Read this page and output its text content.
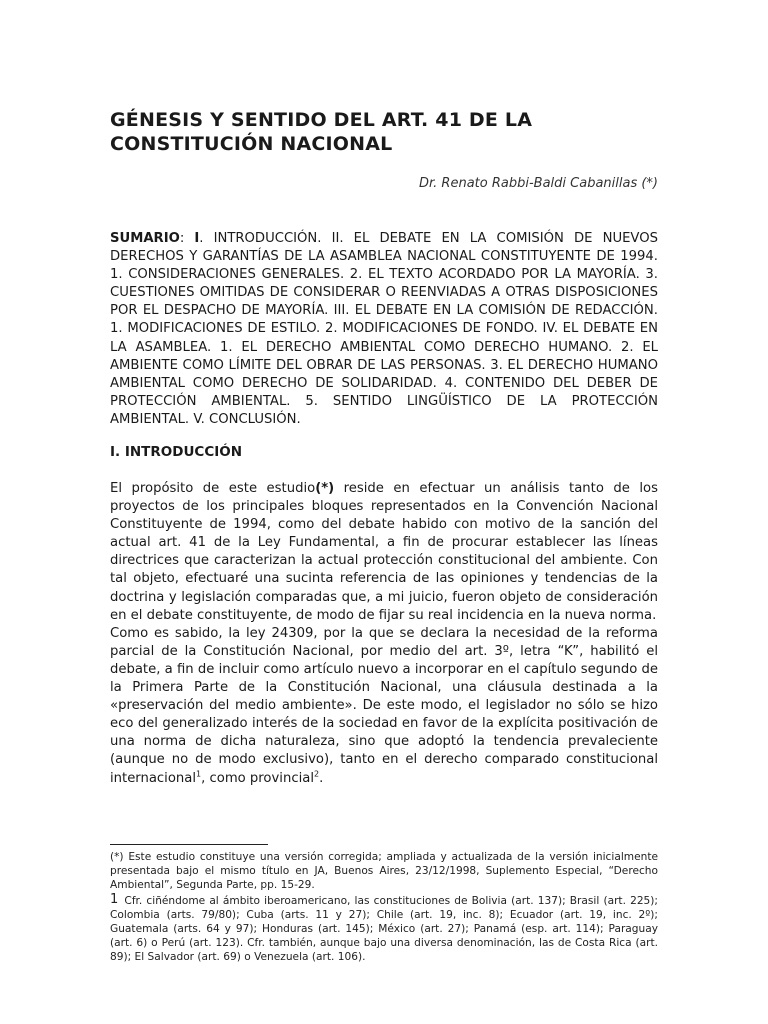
GÉNESIS Y SENTIDO DEL ART. 41 DE LA
CONSTITUCIÓN NACIONAL
Dr. Renato Rabbi-Baldi Cabanillas (*)
SUMARIO: I. INTRODUCCIÓN. II. EL DEBATE EN LA COMISIÓN DE NUEVOS DERECHOS Y GARANTÍAS DE LA ASAMBLEA NACIONAL CONSTITUYENTE DE 1994. 1. CONSIDERACIONES GENERALES. 2. EL TEXTO ACORDADO POR LA MAYORÍA. 3. CUESTIONES OMITIDAS DE CONSIDERAR O REENVIADAS A OTRAS DISPOSICIONES POR EL DESPACHO DE MAYORÍA. III. EL DEBATE EN LA COMISIÓN DE REDACCIÓN. 1. MODIFICACIONES DE ESTILO. 2. MODIFICACIONES DE FONDO. IV. EL DEBATE EN LA ASAMBLEA. 1. EL DERECHO AMBIENTAL COMO DERECHO HUMANO. 2. EL AMBIENTE COMO LÍMITE DEL OBRAR DE LAS PERSONAS. 3. EL DERECHO HUMANO AMBIENTAL COMO DERECHO DE SOLIDARIDAD. 4. CONTENIDO DEL DEBER DE PROTECCIÓN AMBIENTAL. 5. SENTIDO LINGÜÍSTICO DE LA PROTECCIÓN AMBIENTAL. V. CONCLUSIÓN.
I. INTRODUCCIÓN

El propósito de este estudio(*) reside en efectuar un análisis tanto de los proyectos de los principales bloques representados en la Convención Nacional Constituyente de 1994, como del debate habido con motivo de la sanción del actual art. 41 de la Ley Fundamental, a fin de procurar establecer las líneas directrices que caracterizan la actual protección constitucional del ambiente. Con tal objeto, efectuaré una sucinta referencia de las opiniones y tendencias de la doctrina y legislación comparadas que, a mi juicio, fueron objeto de consideración en el debate constituyente, de modo de fijar su real incidencia en la nueva norma.

Como es sabido, la ley 24309, por la que se declara la necesidad de la reforma parcial de la Constitución Nacional, por medio del art. 3º, letra “K”, habilitó el debate, a fin de incluir como artículo nuevo a incorporar en el capítulo segundo de la Primera Parte de la Constitución Nacional, una cláusula destinada a la «preservación del medio ambiente». De este modo, el legislador no sólo se hizo eco del generalizado interés de la sociedad en favor de la explícita positivación de una norma de dicha naturaleza, sino que adoptó la tendencia prevaleciente (aunque no de modo exclusivo), tanto en el derecho comparado constitucional internacional$^1$, como provincial$^2$.

(*) Este estudio constituye una versión corregida; ampliada y actualizada de la versión inicialmente presentada bajo el mismo título en JA, Buenos Aires, 23/12/1998, Suplemento Especial, “Derecho Ambiental”, Segunda Parte, pp. 15-29.

1 Cfr. ciñéndome al ámbito iberoamericano, las constituciones de Bolivia (art. 137); Brasil (art. 225); Colombia (arts. 79/80); Cuba (arts. 11 y 27); Chile (art. 19, inc. 8); Ecuador (art. 19, inc. 2º); Guatemala (arts. 64 y 97); Honduras (art. 145); México (art. 27); Panamá (esp. art. 114); Paraguay (art. 6) o Perú (art. 123). Cfr. también, aunque bajo una diversa denominación, las de Costa Rica (art. 89); El Salvador (art. 69) o Venezuela (art. 106).
